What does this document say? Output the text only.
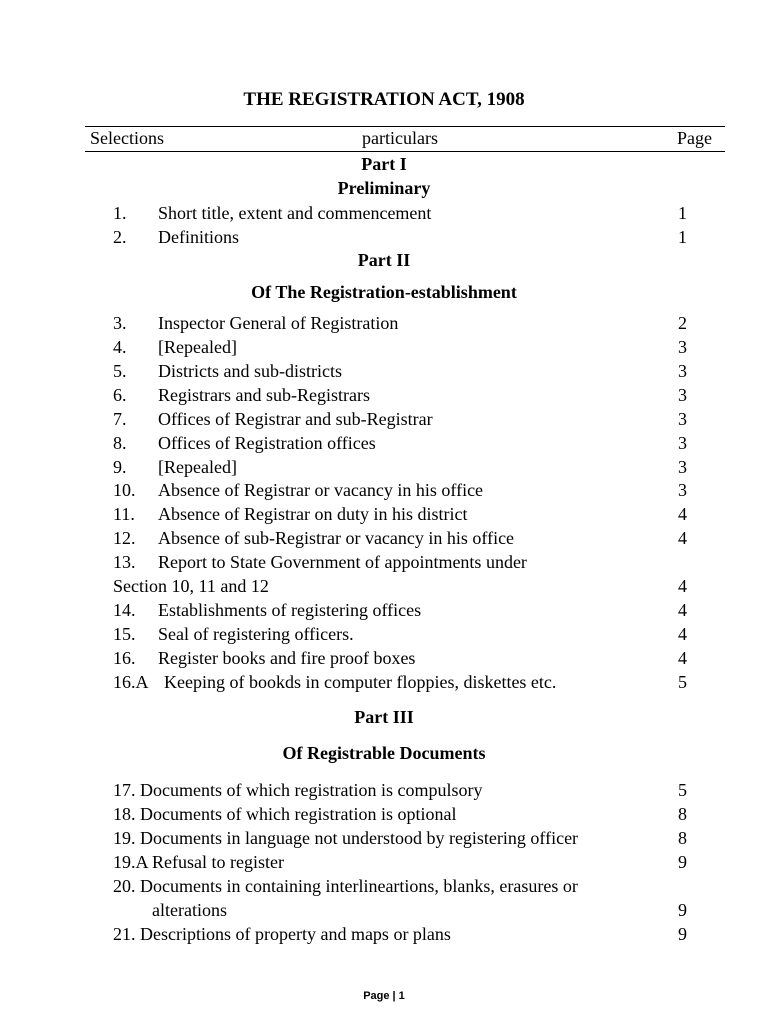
THE REGISTRATION ACT, 1908
Selections	particulars	Page
Part I
Preliminary
1. Short title, extent and commencement	1
2. Definitions	1
Part II
Of The Registration-establishment
3. Inspector General of Registration	2
4. [Repealed]	3
5. Districts and sub-districts	3
6. Registrars and sub-Registrars	3
7. Offices of Registrar and sub-Registrar	3
8. Offices of Registration offices	3
9. [Repealed]	3
10. Absence of Registrar or vacancy in his office	3
11. Absence of Registrar on duty in his district	4
12. Absence of sub-Registrar or vacancy in his office	4
13. Report to State Government of appointments under
Section 10, 11 and 12	4
14. Establishments of registering offices	4
15. Seal of registering officers.	4
16. Register books and fire proof boxes	4
16.A Keeping of bookds in computer floppies, diskettes etc.	5
Part III
Of Registrable Documents
17. Documents of which registration is compulsory	5
18. Documents of which registration is optional	8
19. Documents in language not understood by registering officer	8
19.A Refusal to register	9
20. Documents in containing interlineartions, blanks, erasures or
alterations	9
21. Descriptions of property and maps or plans	9
Page | 1
